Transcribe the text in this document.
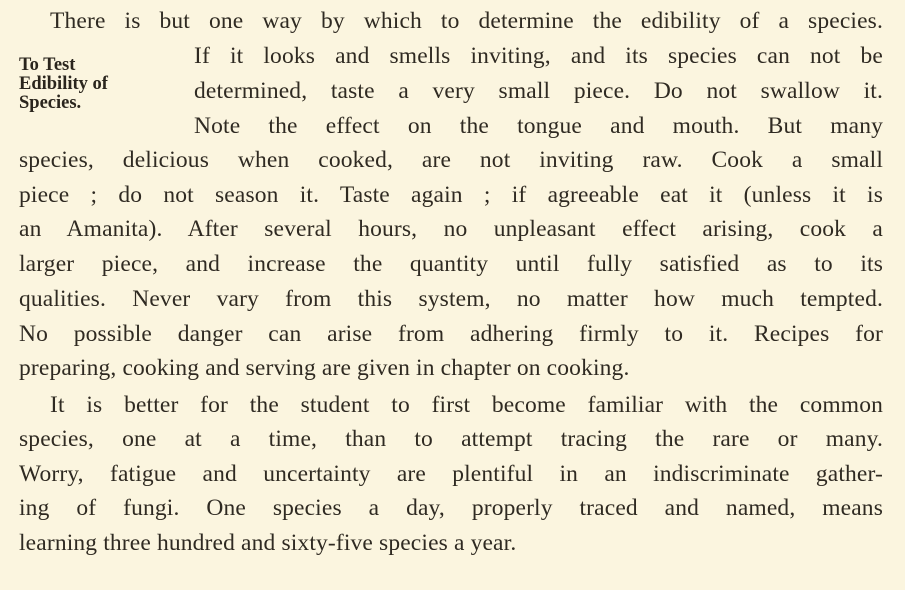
To Test
Edibility of
Species.
There is but one way by which to determine the edibility of a species.
If it looks and smells inviting, and its species can not be
determined, taste a very small piece. Do not swallow it.
Note the effect on the tongue and mouth. But many
species, delicious when cooked, are not inviting raw. Cook a small
piece ; do not season it. Taste again ; if agreeable eat it (unless it is
an Amanita). After several hours, no unpleasant effect arising, cook a
larger piece, and increase the quantity until fully satisfied as to its
qualities. Never vary from this system, no matter how much tempted.
No possible danger can arise from adhering firmly to it. Recipes for
preparing, cooking and serving are given in chapter on cooking.
It is better for the student to first become familiar with the common
species, one at a time, than to attempt tracing the rare or many.
Worry, fatigue and uncertainty are plentiful in an indiscriminate gather-
ing of fungi. One species a day, properly traced and named, means
learning three hundred and sixty-five species a year.
